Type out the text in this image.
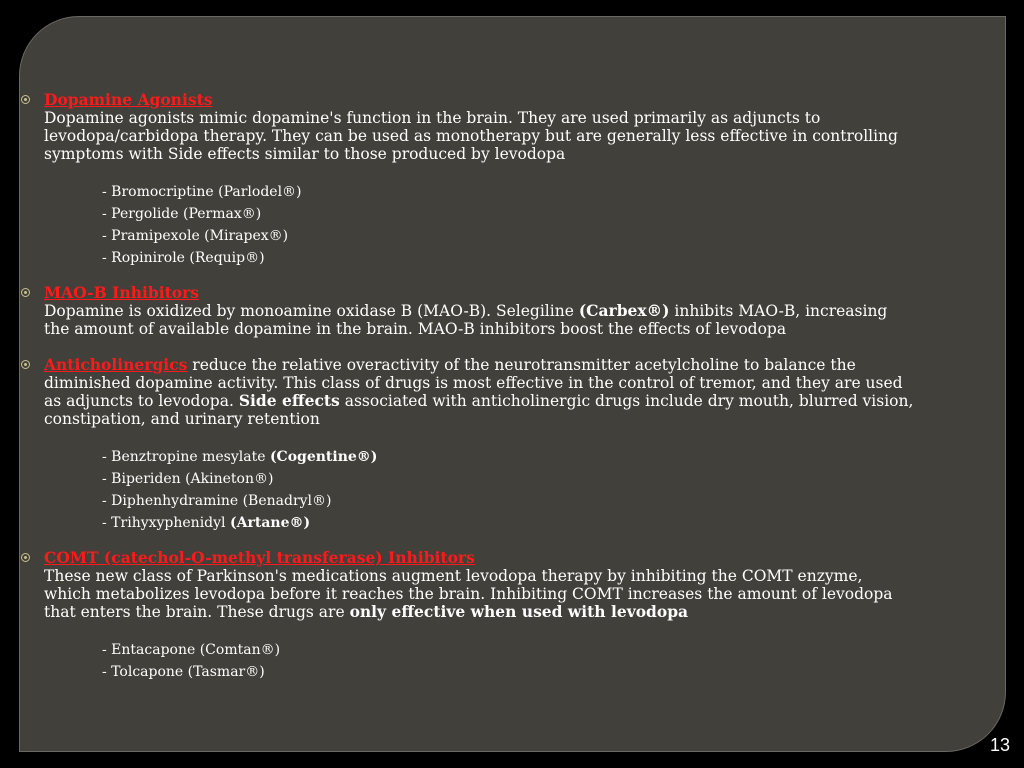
Dopamine Agonists
Dopamine agonists mimic dopamine's function in the brain. They are used primarily as adjuncts to levodopa/carbidopa therapy. They can be used as monotherapy but are generally less effective in controlling symptoms with Side effects similar to those produced by levodopa
- Bromocriptine (Parlodel®)
- Pergolide (Permax®)
- Pramipexole (Mirapex®)
- Ropinirole (Requip®)
MAO-B Inhibitors
Dopamine is oxidized by monoamine oxidase B (MAO-B). Selegiline (Carbex®) inhibits MAO-B, increasing the amount of available dopamine in the brain. MAO-B inhibitors boost the effects of levodopa
Anticholinergics reduce the relative overactivity of the neurotransmitter acetylcholine to balance the diminished dopamine activity. This class of drugs is most effective in the control of tremor, and they are used as adjuncts to levodopa. Side effects associated with anticholinergic drugs include dry mouth, blurred vision, constipation, and urinary retention
- Benztropine mesylate (Cogentine®)
- Biperiden (Akineton®)
- Diphenhydramine (Benadryl®)
- Trihyxyphenidyl (Artane®)
COMT (catechol-O-methyl transferase) Inhibitors
These new class of Parkinson's medications augment levodopa therapy by inhibiting the COMT enzyme, which metabolizes levodopa before it reaches the brain. Inhibiting COMT increases the amount of levodopa that enters the brain. These drugs are only effective when used with levodopa
- Entacapone (Comtan®)
- Tolcapone (Tasmar®)
13
